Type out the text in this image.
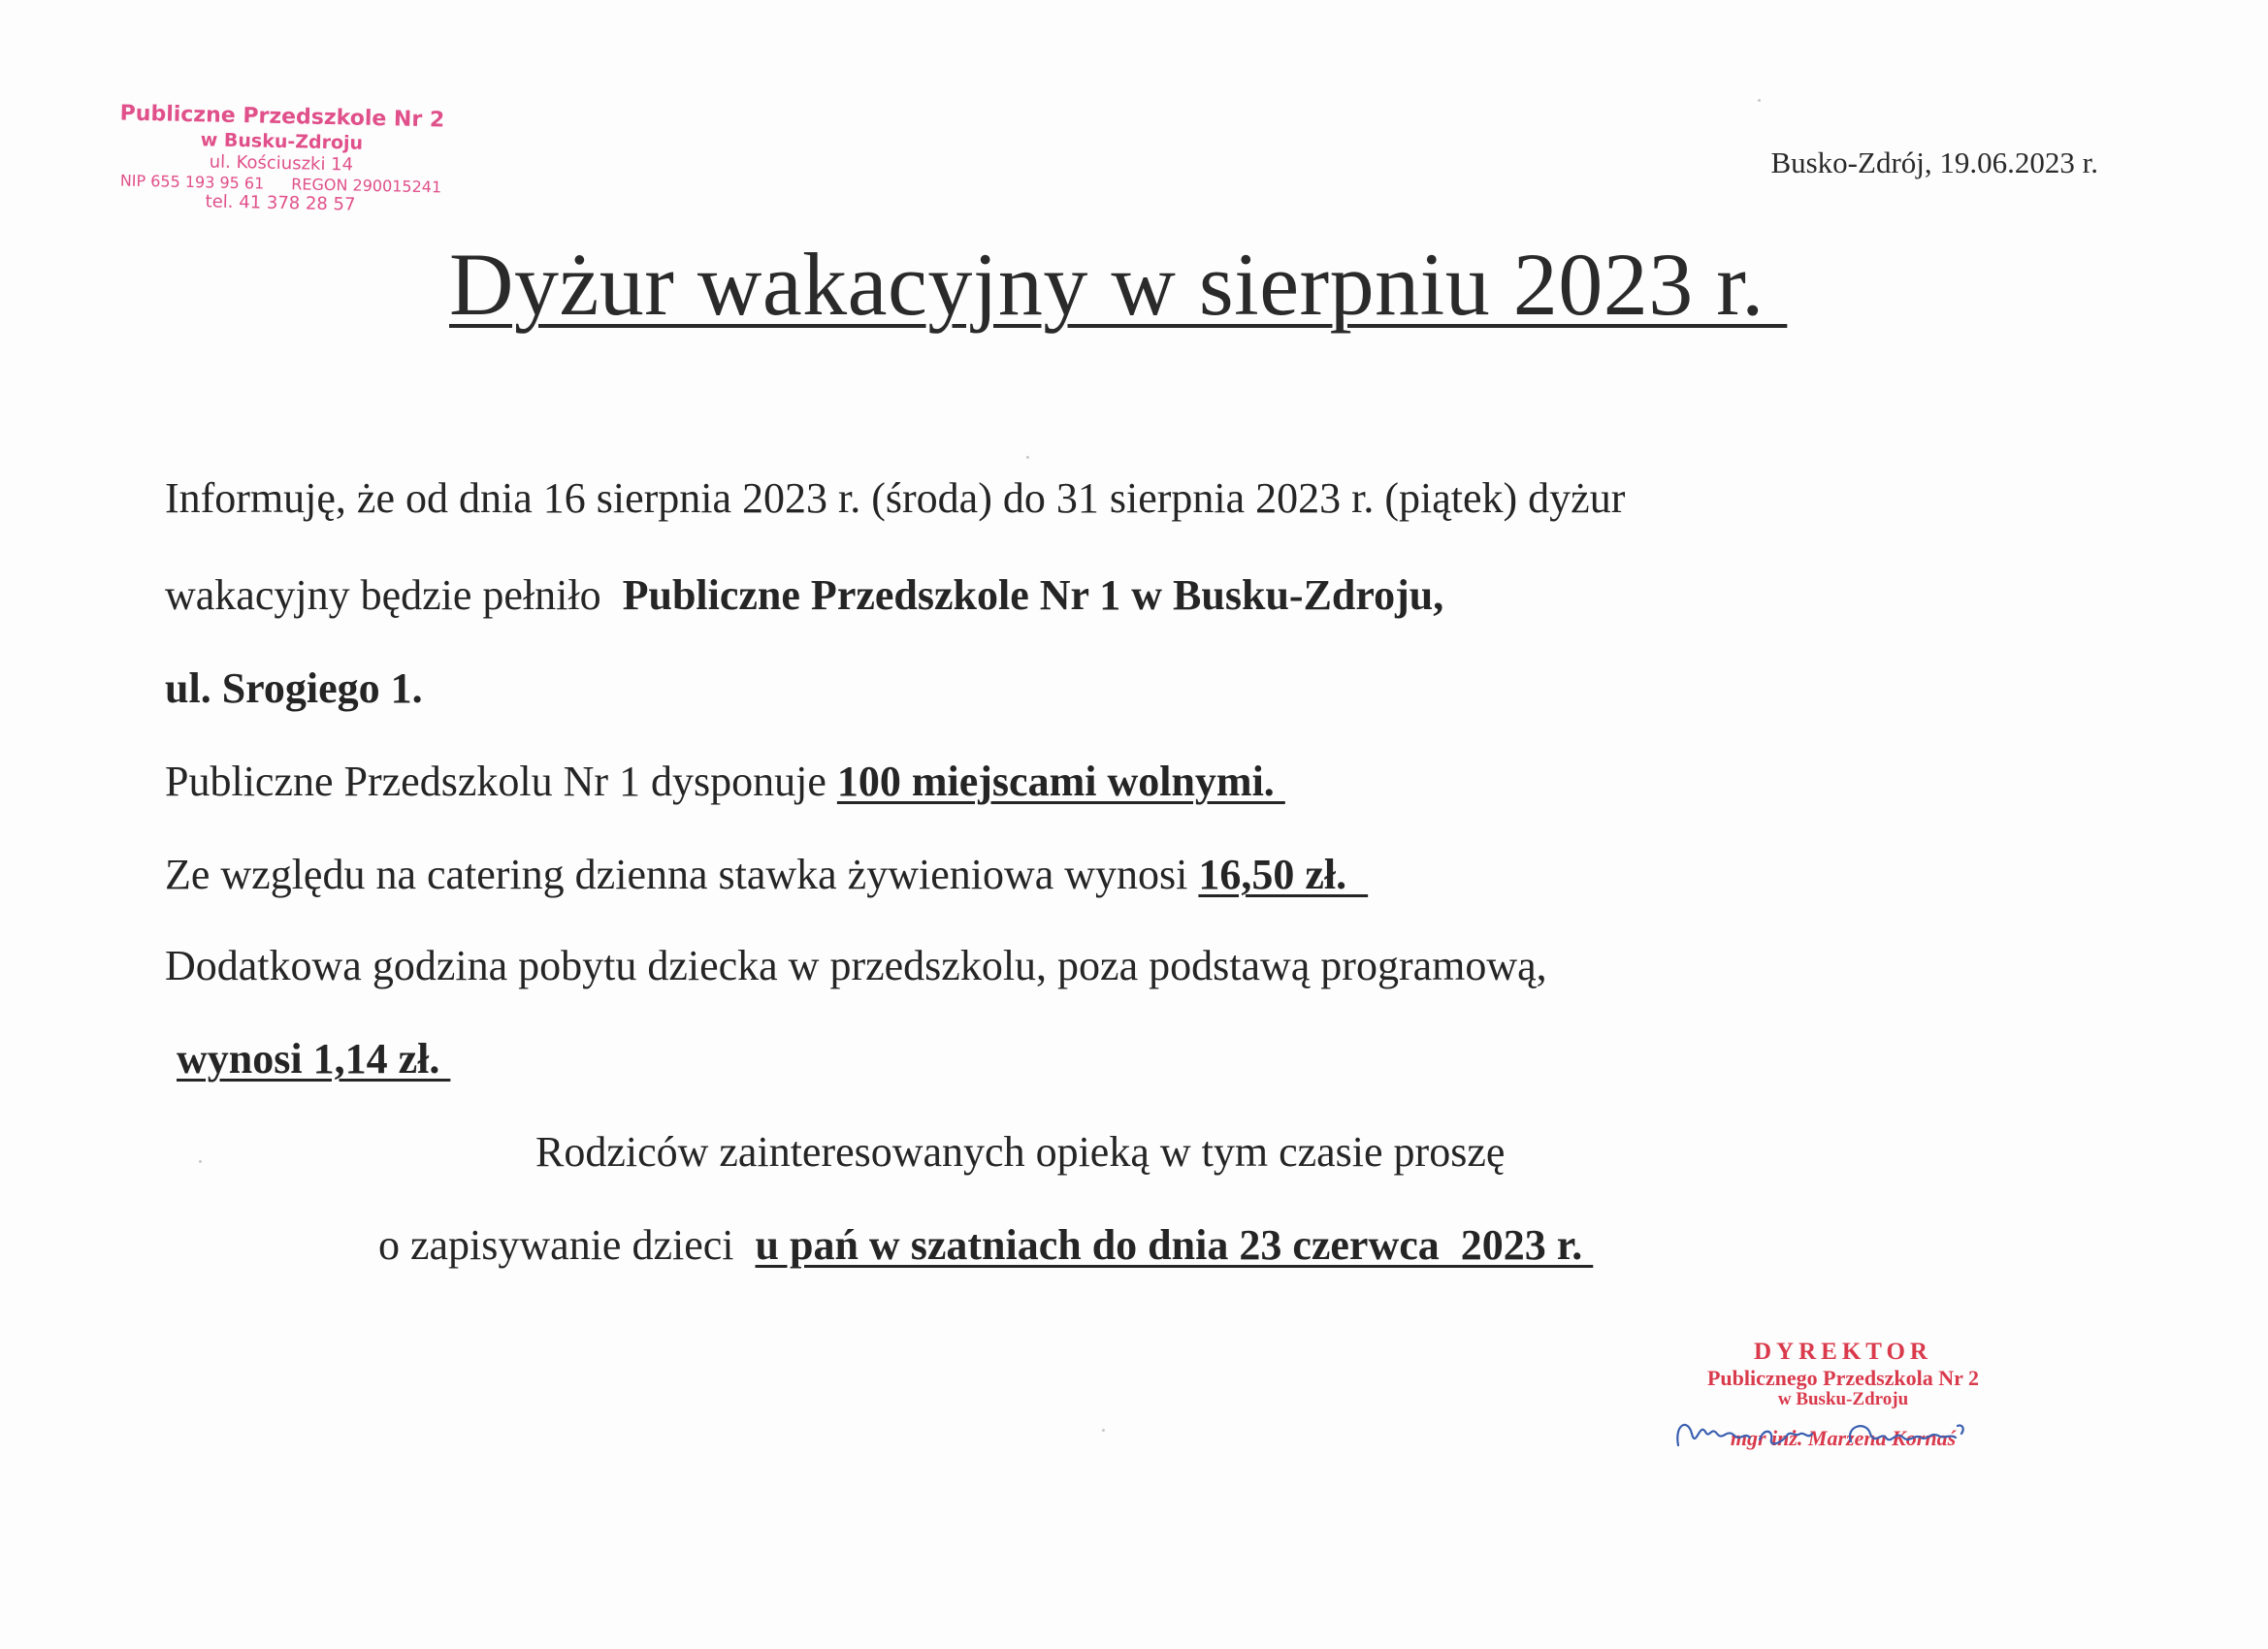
Publiczne Przedszkole Nr 2
w Busku-Zdroju
ul. Kościuszki 14
NIP 655 193 95 61 REGON 290015241
tel. 41 378 28 57
Busko-Zdrój, 19.06.2023 r.
Dyżur wakacyjny w sierpniu 2023 r.
Informuję, że od dnia 16 sierpnia 2023 r. (środa) do 31 sierpnia 2023 r. (piątek) dyżur
wakacyjny będzie pełniło  Publiczne Przedszkole Nr 1 w Busku-Zdroju,
ul. Srogiego 1.
Publiczne Przedszkolu Nr 1 dysponuje 100 miejscami wolnymi.
Ze względu na catering dzienna stawka żywieniowa wynosi 16,50 zł.
Dodatkowa godzina pobytu dziecka w przedszkolu, poza podstawą programową,
wynosi 1,14 zł.
Rodziców zainteresowanych opieką w tym czasie proszę
o zapisywanie dzieci  u pań w szatniach do dnia 23 czerwca  2023 r.
DYREKTOR
Publicznego Przedszkola Nr 2
w Busku-Zdroju
mgr inż. Marzena Kornaś
